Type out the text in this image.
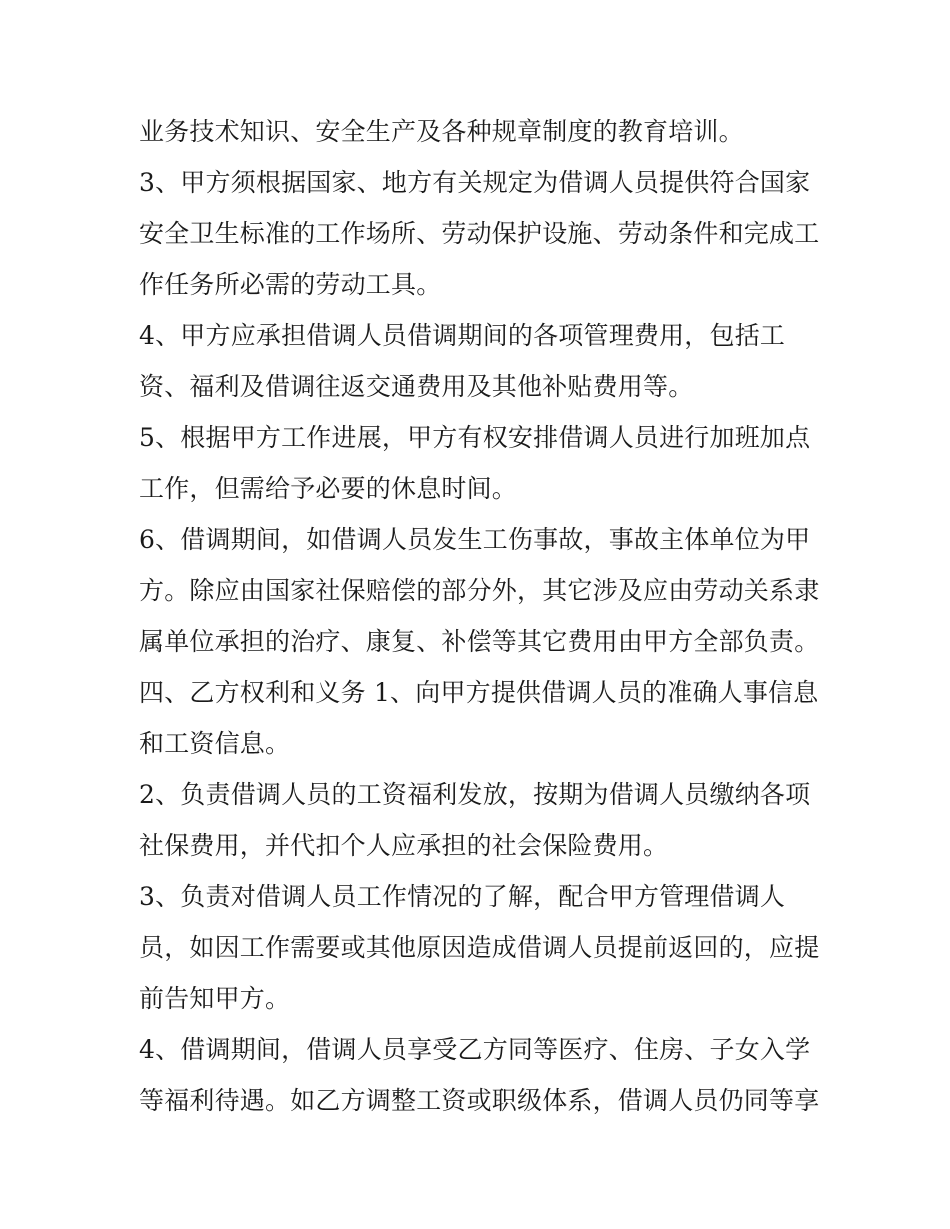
业务技术知识、安全生产及各种规章制度的教育培训。
3、甲方须根据国家、地方有关规定为借调人员提供符合国家
安全卫生标准的工作场所、劳动保护设施、劳动条件和完成工
作任务所必需的劳动工具。
4、甲方应承担借调人员借调期间的各项管理费用，包括工
资、福利及借调往返交通费用及其他补贴费用等。
5、根据甲方工作进展，甲方有权安排借调人员进行加班加点
工作，但需给予必要的休息时间。
6、借调期间，如借调人员发生工伤事故，事故主体单位为甲
方。除应由国家社保赔偿的部分外，其它涉及应由劳动关系隶
属单位承担的治疗、康复、补偿等其它费用由甲方全部负责。
四、乙方权利和义务 1、向甲方提供借调人员的准确人事信息
和工资信息。
2、负责借调人员的工资福利发放，按期为借调人员缴纳各项
社保费用，并代扣个人应承担的社会保险费用。
3、负责对借调人员工作情况的了解，配合甲方管理借调人
员，如因工作需要或其他原因造成借调人员提前返回的，应提
前告知甲方。
4、借调期间，借调人员享受乙方同等医疗、住房、子女入学
等福利待遇。如乙方调整工资或职级体系，借调人员仍同等享
